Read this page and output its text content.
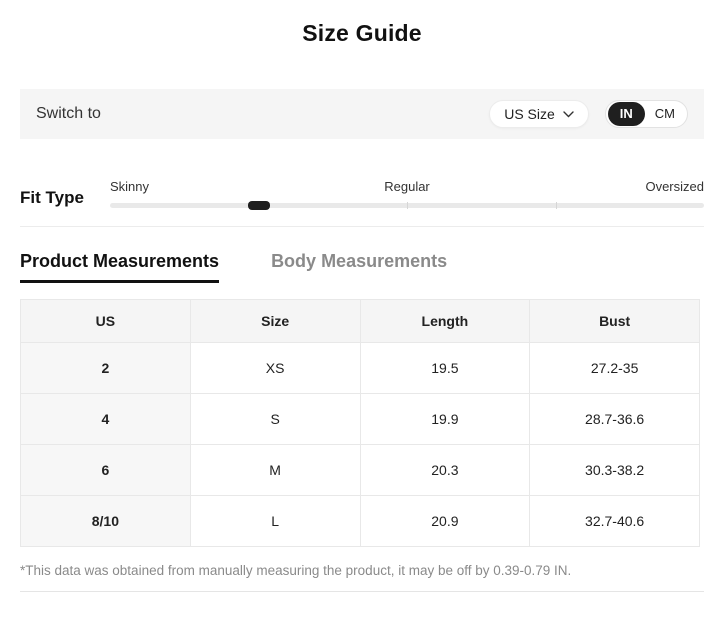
Size Guide
Switch to	US Size	IN	CM
Fit Type
Skinny	Regular	Oversized
Product Measurements	Body Measurements
US	Size	Length	Bust
2	XS	19.5	27.2-35
4	S	19.9	28.7-36.6
6	M	20.3	30.3-38.2
8/10	L	20.9	32.7-40.6
*This data was obtained from manually measuring the product, it may be off by 0.39-0.79 IN.
